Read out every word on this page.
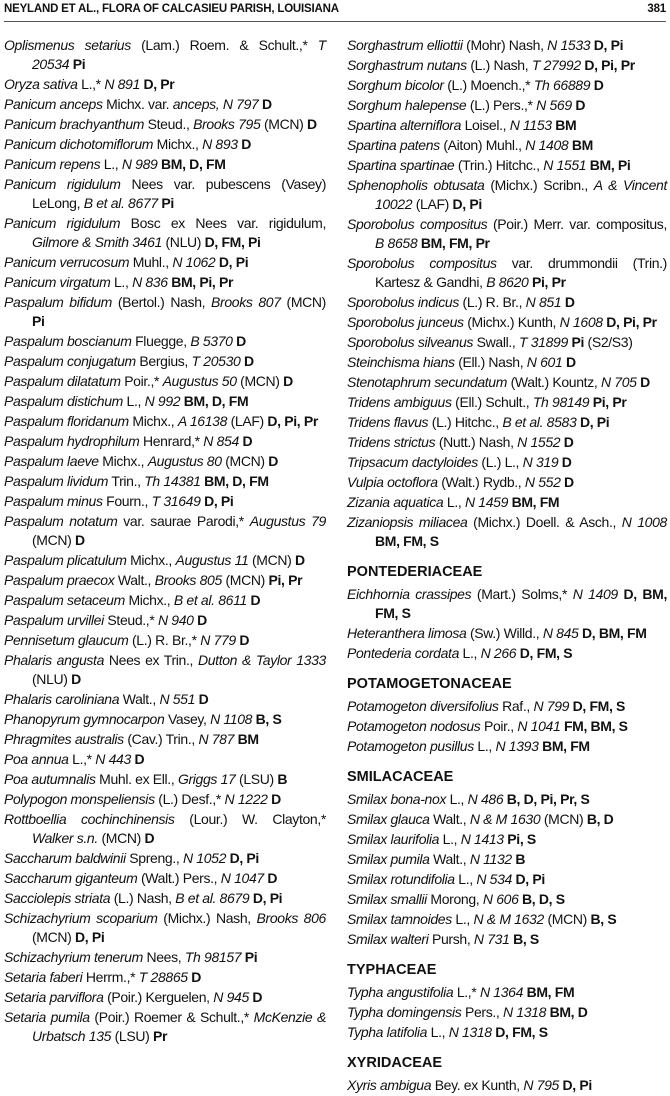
NEYLAND ET AL., FLORA OF CALCASIEU PARISH, LOUISIANA	381

Oplismenus setarius (Lam.) Roem. & Schult.,* T 20534 Pi

Oryza sativa L.,* N 891 D, Pr

Panicum anceps Michx. var. anceps, N 797 D

Panicum brachyanthum Steud., Brooks 795 (MCN) D

Panicum dichotomiflorum Michx., N 893 D

Panicum repens L., N 989 BM, D, FM

Panicum rigidulum Nees var. pubescens (Vasey) LeLong, B et al. 8677 Pi

Panicum rigidulum Bosc ex Nees var. rigidulum, Gilmore & Smith 3461 (NLU) D, FM, Pi

Panicum verrucosum Muhl., N 1062 D, Pi

Panicum virgatum L., N 836 BM, Pi, Pr

Paspalum bifidum (Bertol.) Nash, Brooks 807 (MCN) Pi

Paspalum boscianum Fluegge, B 5370 D

Paspalum conjugatum Bergius, T 20530 D

Paspalum dilatatum Poir.,* Augustus 50 (MCN) D

Paspalum distichum L., N 992 BM, D, FM

Paspalum floridanum Michx., A 16138 (LAF) D, Pi, Pr

Paspalum hydrophilum Henrard,* N 854 D

Paspalum laeve Michx., Augustus 80 (MCN) D

Paspalum lividum Trin., Th 14381 BM, D, FM

Paspalum minus Fourn., T 31649 D, Pi

Paspalum notatum var. saurae Parodi,* Augustus 79 (MCN) D

Paspalum plicatulum Michx., Augustus 11 (MCN) D

Paspalum praecox Walt., Brooks 805 (MCN) Pi, Pr

Paspalum setaceum Michx., B et al. 8611 D

Paspalum urvillei Steud.,* N 940 D

Pennisetum glaucum (L.) R. Br.,* N 779 D

Phalaris angusta Nees ex Trin., Dutton & Taylor 1333 (NLU) D

Phalaris caroliniana Walt., N 551 D

Phanopyrum gymnocarpon Vasey, N 1108 B, S

Phragmites australis (Cav.) Trin., N 787 BM

Poa annua L.,* N 443 D

Poa autumnalis Muhl. ex Ell., Griggs 17 (LSU) B

Polypogon monspeliensis (L.) Desf.,* N 1222 D

Rottboellia cochinchinensis (Lour.) W. Clayton,* Walker s.n. (MCN) D

Saccharum baldwinii Spreng., N 1052 D, Pi

Saccharum giganteum (Walt.) Pers., N 1047 D

Sacciolepis striata (L.) Nash, B et al. 8679 D, Pi

Schizachyrium scoparium (Michx.) Nash, Brooks 806 (MCN) D, Pi

Schizachyrium tenerum Nees, Th 98157 Pi

Setaria faberi Herrm.,* T 28865 D

Setaria parviflora (Poir.) Kerguelen, N 945 D

Setaria pumila (Poir.) Roemer & Schult.,* McKenzie & Urbatsch 135 (LSU) Pr

Sorghastrum elliottii (Mohr) Nash, N 1533 D, Pi

Sorghastrum nutans (L.) Nash, T 27992 D, Pi, Pr

Sorghum bicolor (L.) Moench.,* Th 66889 D

Sorghum halepense (L.) Pers.,* N 569 D

Spartina alterniflora Loisel., N 1153 BM

Spartina patens (Aiton) Muhl., N 1408 BM

Spartina spartinae (Trin.) Hitchc., N 1551 BM, Pi

Sphenopholis obtusata (Michx.) Scribn., A & Vincent 10022 (LAF) D, Pi

Sporobolus compositus (Poir.) Merr. var. compositus, B 8658 BM, FM, Pr

Sporobolus compositus var. drummondii (Trin.) Kartesz & Gandhi, B 8620 Pi, Pr

Sporobolus indicus (L.) R. Br., N 851 D

Sporobolus junceus (Michx.) Kunth, N 1608 D, Pi, Pr

Sporobolus silveanus Swall., T 31899 Pi (S2/S3)

Steinchisma hians (Ell.) Nash, N 601 D

Stenotaphrum secundatum (Walt.) Kountz, N 705 D

Tridens ambiguus (Ell.) Schult., Th 98149 Pi, Pr

Tridens flavus (L.) Hitchc., B et al. 8583 D, Pi

Tridens strictus (Nutt.) Nash, N 1552 D

Tripsacum dactyloides (L.) L., N 319 D

Vulpia octoflora (Walt.) Rydb., N 552 D

Zizania aquatica L., N 1459 BM, FM

Zizaniopsis miliacea (Michx.) Doell. & Asch., N 1008 BM, FM, S

PONTEDERIACEAE

Eichhornia crassipes (Mart.) Solms,* N 1409 D, BM, FM, S

Heteranthera limosa (Sw.) Willd., N 845 D, BM, FM

Pontederia cordata L., N 266 D, FM, S

POTAMOGETONACEAE

Potamogeton diversifolius Raf., N 799 D, FM, S

Potamogeton nodosus Poir., N 1041 FM, BM, S

Potamogeton pusillus L., N 1393 BM, FM

SMILACACEAE

Smilax bona-nox L., N 486 B, D, Pi, Pr, S

Smilax glauca Walt., N & M 1630 (MCN) B, D

Smilax laurifolia L., N 1413 Pi, S

Smilax pumila Walt., N 1132 B

Smilax rotundifolia L., N 534 D, Pi

Smilax smallii Morong, N 606 B, D, S

Smilax tamnoides L., N & M 1632 (MCN) B, S

Smilax walteri Pursh, N 731 B, S

TYPHACEAE

Typha angustifolia L.,* N 1364 BM, FM

Typha domingensis Pers., N 1318 BM, D

Typha latifolia L., N 1318 D, FM, S

XYRIDACEAE

Xyris ambigua Bey. ex Kunth, N 795 D, Pi
